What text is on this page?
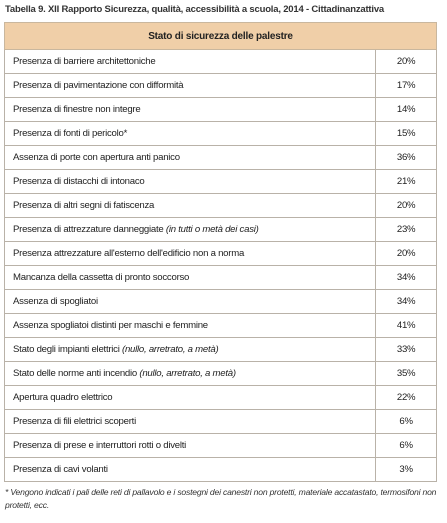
Tabella 9. XII Rapporto Sicurezza, qualità, accessibilità a scuola, 2014 - Cittadinanzattiva
Stato di sicurezza delle palestre	
Presenza di barriere architettoniche	20%
Presenza di pavimentazione con difformità	17%
Presenza di finestre non integre	14%
Presenza di fonti di pericolo*	15%
Assenza di porte con apertura anti panico	36%
Presenza di distacchi di intonaco	21%
Presenza di altri segni di fatiscenza	20%
Presenza di attrezzature danneggiate (in tutti o metà dei casi)	23%
Presenza attrezzature all'esterno dell'edificio non a norma	20%
Mancanza della cassetta di pronto soccorso	34%
Assenza di spogliatoi	34%
Assenza spogliatoi distinti per maschi e femmine	41%
Stato degli impianti elettrici (nullo, arretrato, a metà)	33%
Stato delle norme anti incendio (nullo, arretrato, a metà)	35%
Apertura quadro elettrico	22%
Presenza di fili elettrici scoperti	6%
Presenza di prese e interruttori rotti o divelti	6%
Presenza di cavi volanti	3%
* Vengono indicati i pali delle reti di pallavolo e i sostegni dei canestri non protetti, materiale accatastato, termosifoni non protetti, ecc.
